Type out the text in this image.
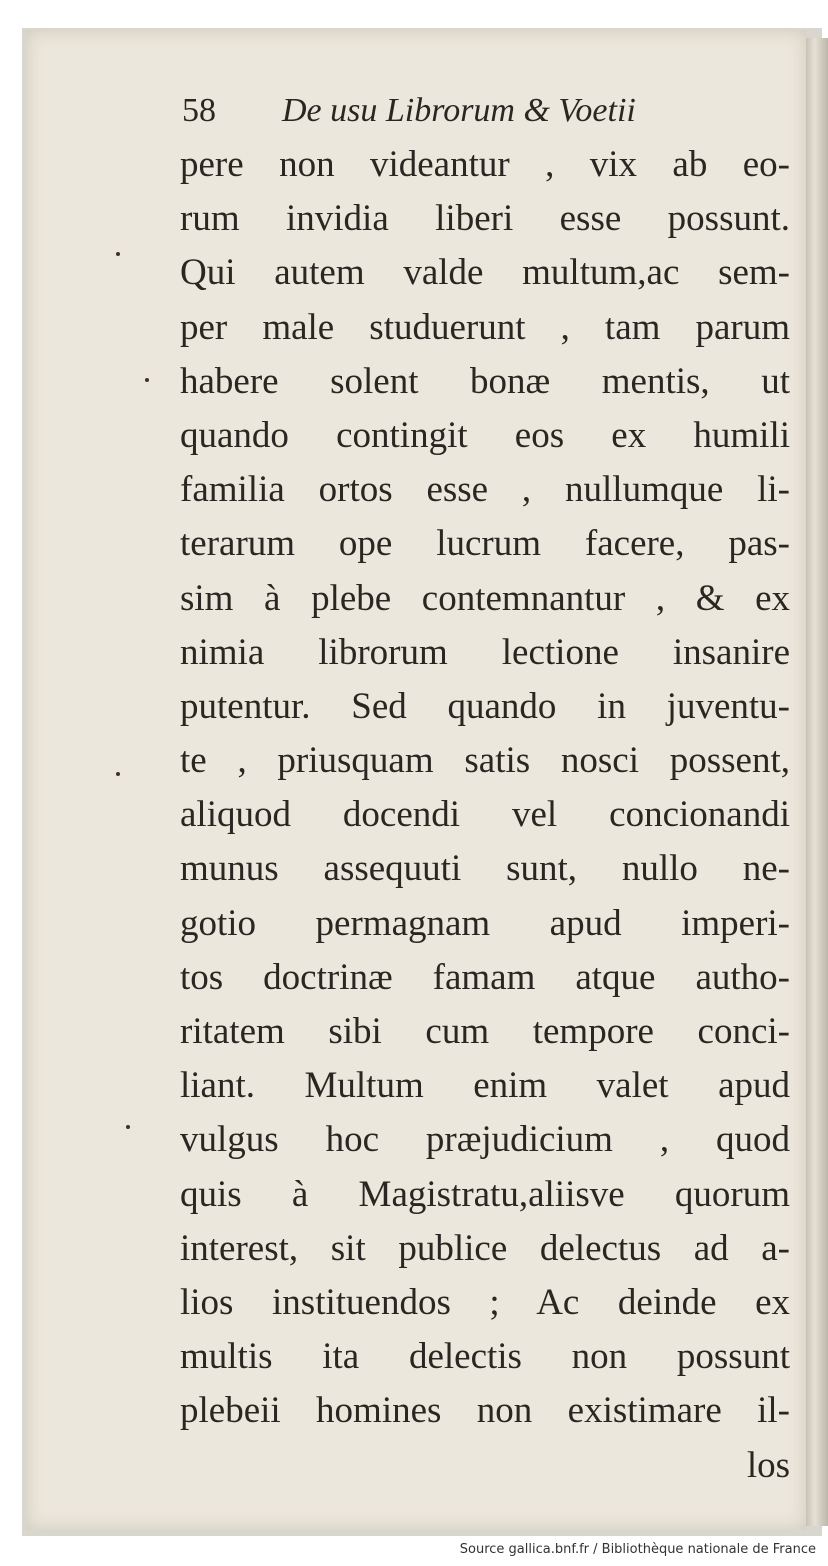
58 De usu Librorum & Voetii
pere non videantur , vix ab eo-
rum invidia liberi esse possunt.
Qui autem valde multum,ac sem-
per male studuerunt , tam parum
habere solent bonæ mentis, ut
quando contingit eos ex humili
familia ortos esse , nullumque li-
terarum ope lucrum facere, pas-
sim à plebe contemnantur , & ex
nimia librorum lectione insanire
putentur. Sed quando in juventu-
te , priusquam satis nosci possent,
aliquod docendi vel concionandi
munus assequuti sunt, nullo ne-
gotio permagnam apud imperi-
tos doctrinæ famam atque autho-
ritatem sibi cum tempore conci-
liant. Multum enim valet apud
vulgus hoc præjudicium , quod
quis à Magistratu,aliisve quorum
interest, sit publice delectus ad a-
lios instituendos ; Ac deinde ex
multis ita delectis non possunt
plebeii homines non existimare il-
los
Source gallica.bnf.fr / Bibliothèque nationale de France
